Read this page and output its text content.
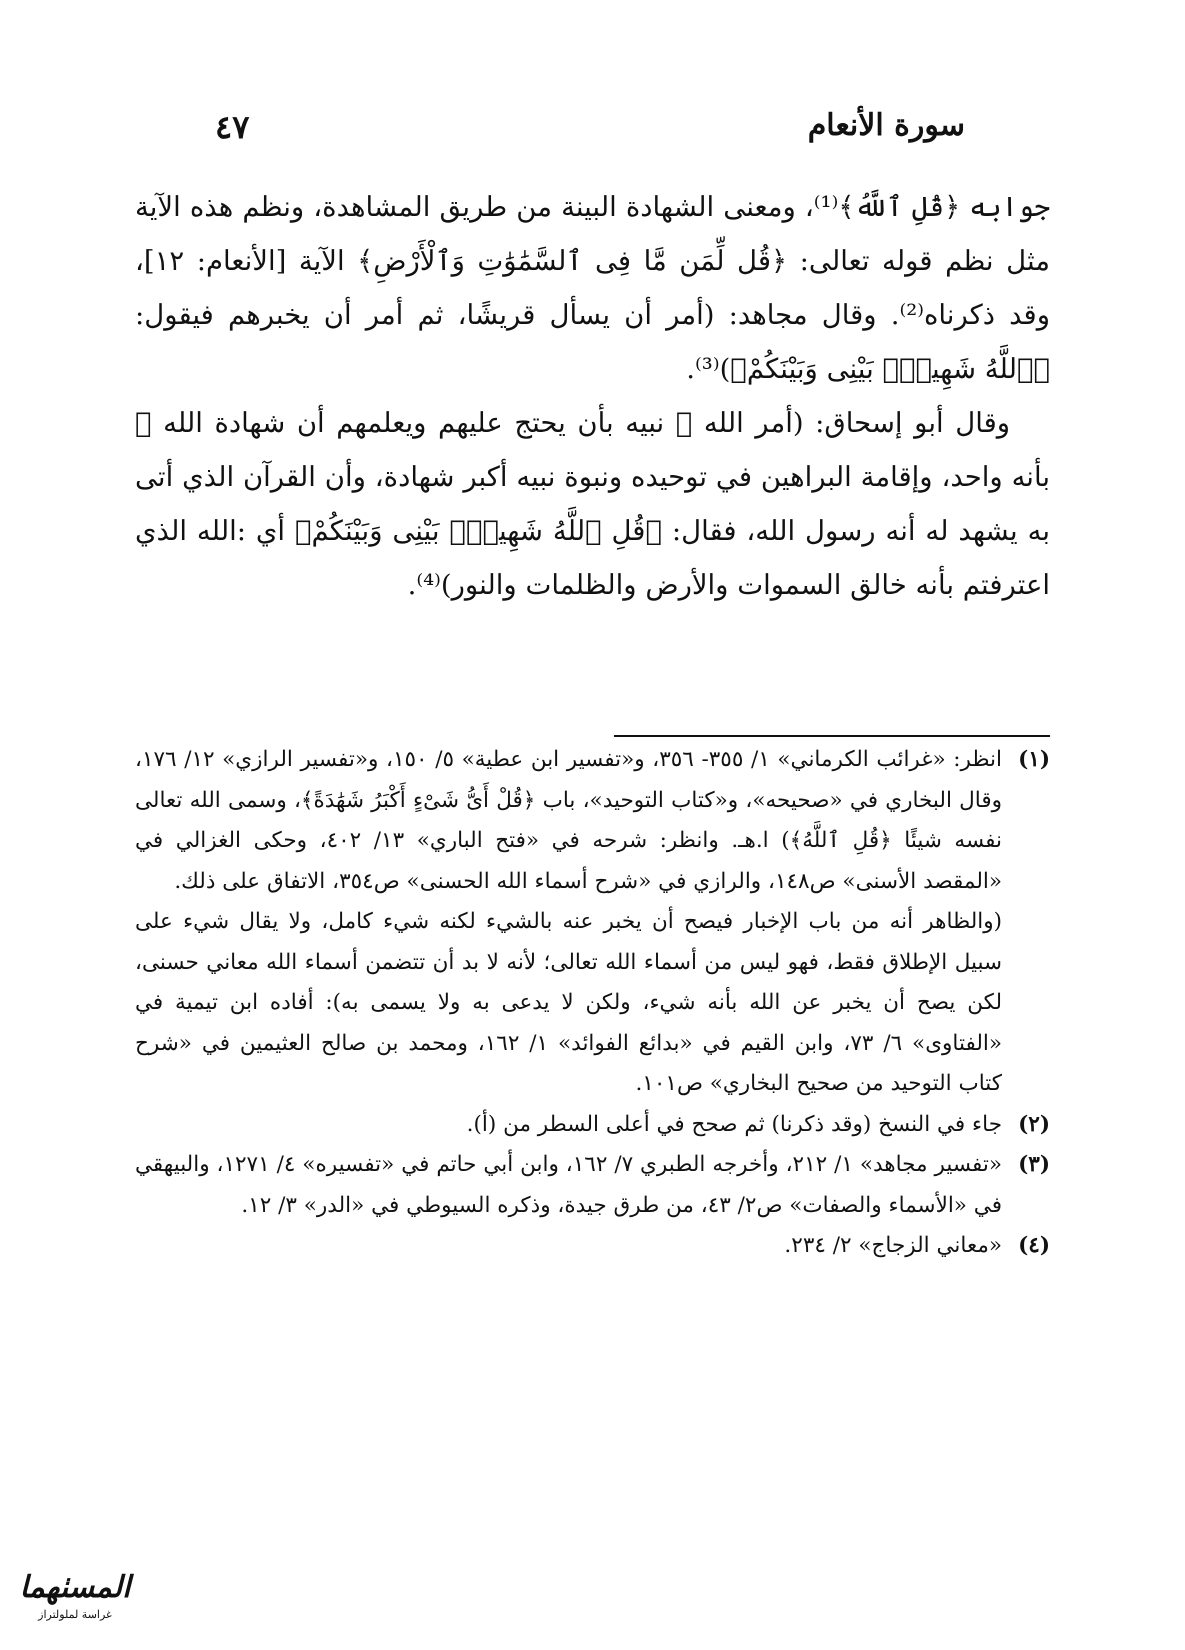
سورة الأنعام
٤٧

جوابه ﴿قُلِ ٱللَّهُ﴾⁽¹⁾، ومعنى الشهادة البينة من طريق المشاهدة، ونظم هذه الآية مثل نظم قوله تعالى: ﴿قُل لِّمَن مَّا فِى ٱلسَّمَٰوَٰتِ وَٱلْأَرْضِ﴾ الآية [الأنعام: ١٢]، وقد ذكرناه⁽²⁾. وقال مجاهد: (أمر أن يسأل قريشًا، ثم أمر أن يخبرهم فيقول: ﴿ٱللَّهُ شَهِيدٌۢ بَيْنِى وَبَيْنَكُمْ﴾)⁽³⁾.

وقال أبو إسحاق: (أمر الله ﷻ نبيه بأن يحتج عليهم ويعلمهم أن شهادة الله ﷻ بأنه واحد، وإقامة البراهين في توحيده ونبوة نبيه أكبر شهادة، وأن القرآن الذي أتى به يشهد له أنه رسول الله، فقال: ﴿قُلِ ٱللَّهُ شَهِيدٌۢ بَيْنِى وَبَيْنَكُمْ﴾ أي :الله الذي اعترفتم بأنه خالق السموات والأرض والظلمات والنور)⁽⁴⁾.

(١)

انظر: «غرائب الكرماني» ١/ ٣٥٥- ٣٥٦، و«تفسير ابن عطية» ٥/ ١٥٠، و«تفسير الرازي» ١٢/ ١٧٦، وقال البخاري في «صحيحه»، و«كتاب التوحيد»، باب ﴿قُلْ أَىُّ شَىْءٍ أَكْبَرُ شَهَٰدَةً﴾، وسمى الله تعالى نفسه شيئًا ﴿قُلِ ٱللَّهُ﴾) ا.هـ. وانظر: شرحه في «فتح الباري» ١٣/ ٤٠٢، وحكى الغزالي في «المقصد الأسنى» ص١٤٨، والرازي في «شرح أسماء الله الحسنى» ص٣٥٤، الاتفاق على ذلك.

(والظاهر أنه من باب الإخبار فيصح أن يخبر عنه بالشيء لكنه شيء كامل، ولا يقال شيء على سبيل الإطلاق فقط، فهو ليس من أسماء الله تعالى؛ لأنه لا بد أن تتضمن أسماء الله معاني حسنى، لكن يصح أن يخبر عن الله بأنه شيء، ولكن لا يدعى به ولا يسمى به): أفاده ابن تيمية في «الفتاوى» ٦/ ٧٣، وابن القيم في «بدائع الفوائد» ١/ ١٦٢، ومحمد بن صالح العثيمين في «شرح كتاب التوحيد من صحيح البخاري» ص١٠١.

(٢)

جاء في النسخ (وقد ذكرنا) ثم صحح في أعلى السطر من (أ).

(٣)

«تفسير مجاهد» ١/ ٢١٢، وأخرجه الطبري ٧/ ١٦٢، وابن أبي حاتم في «تفسيره» ٤/ ١٢٧١، والبيهقي في «الأسماء والصفات» ص٢/ ٤٣، من طرق جيدة، وذكره السيوطي في «الدر» ٣/ ١٢.

(٤)

«معاني الزجاج» ٢/ ٢٣٤.

المسٺهما
غراسة لملولتراز
